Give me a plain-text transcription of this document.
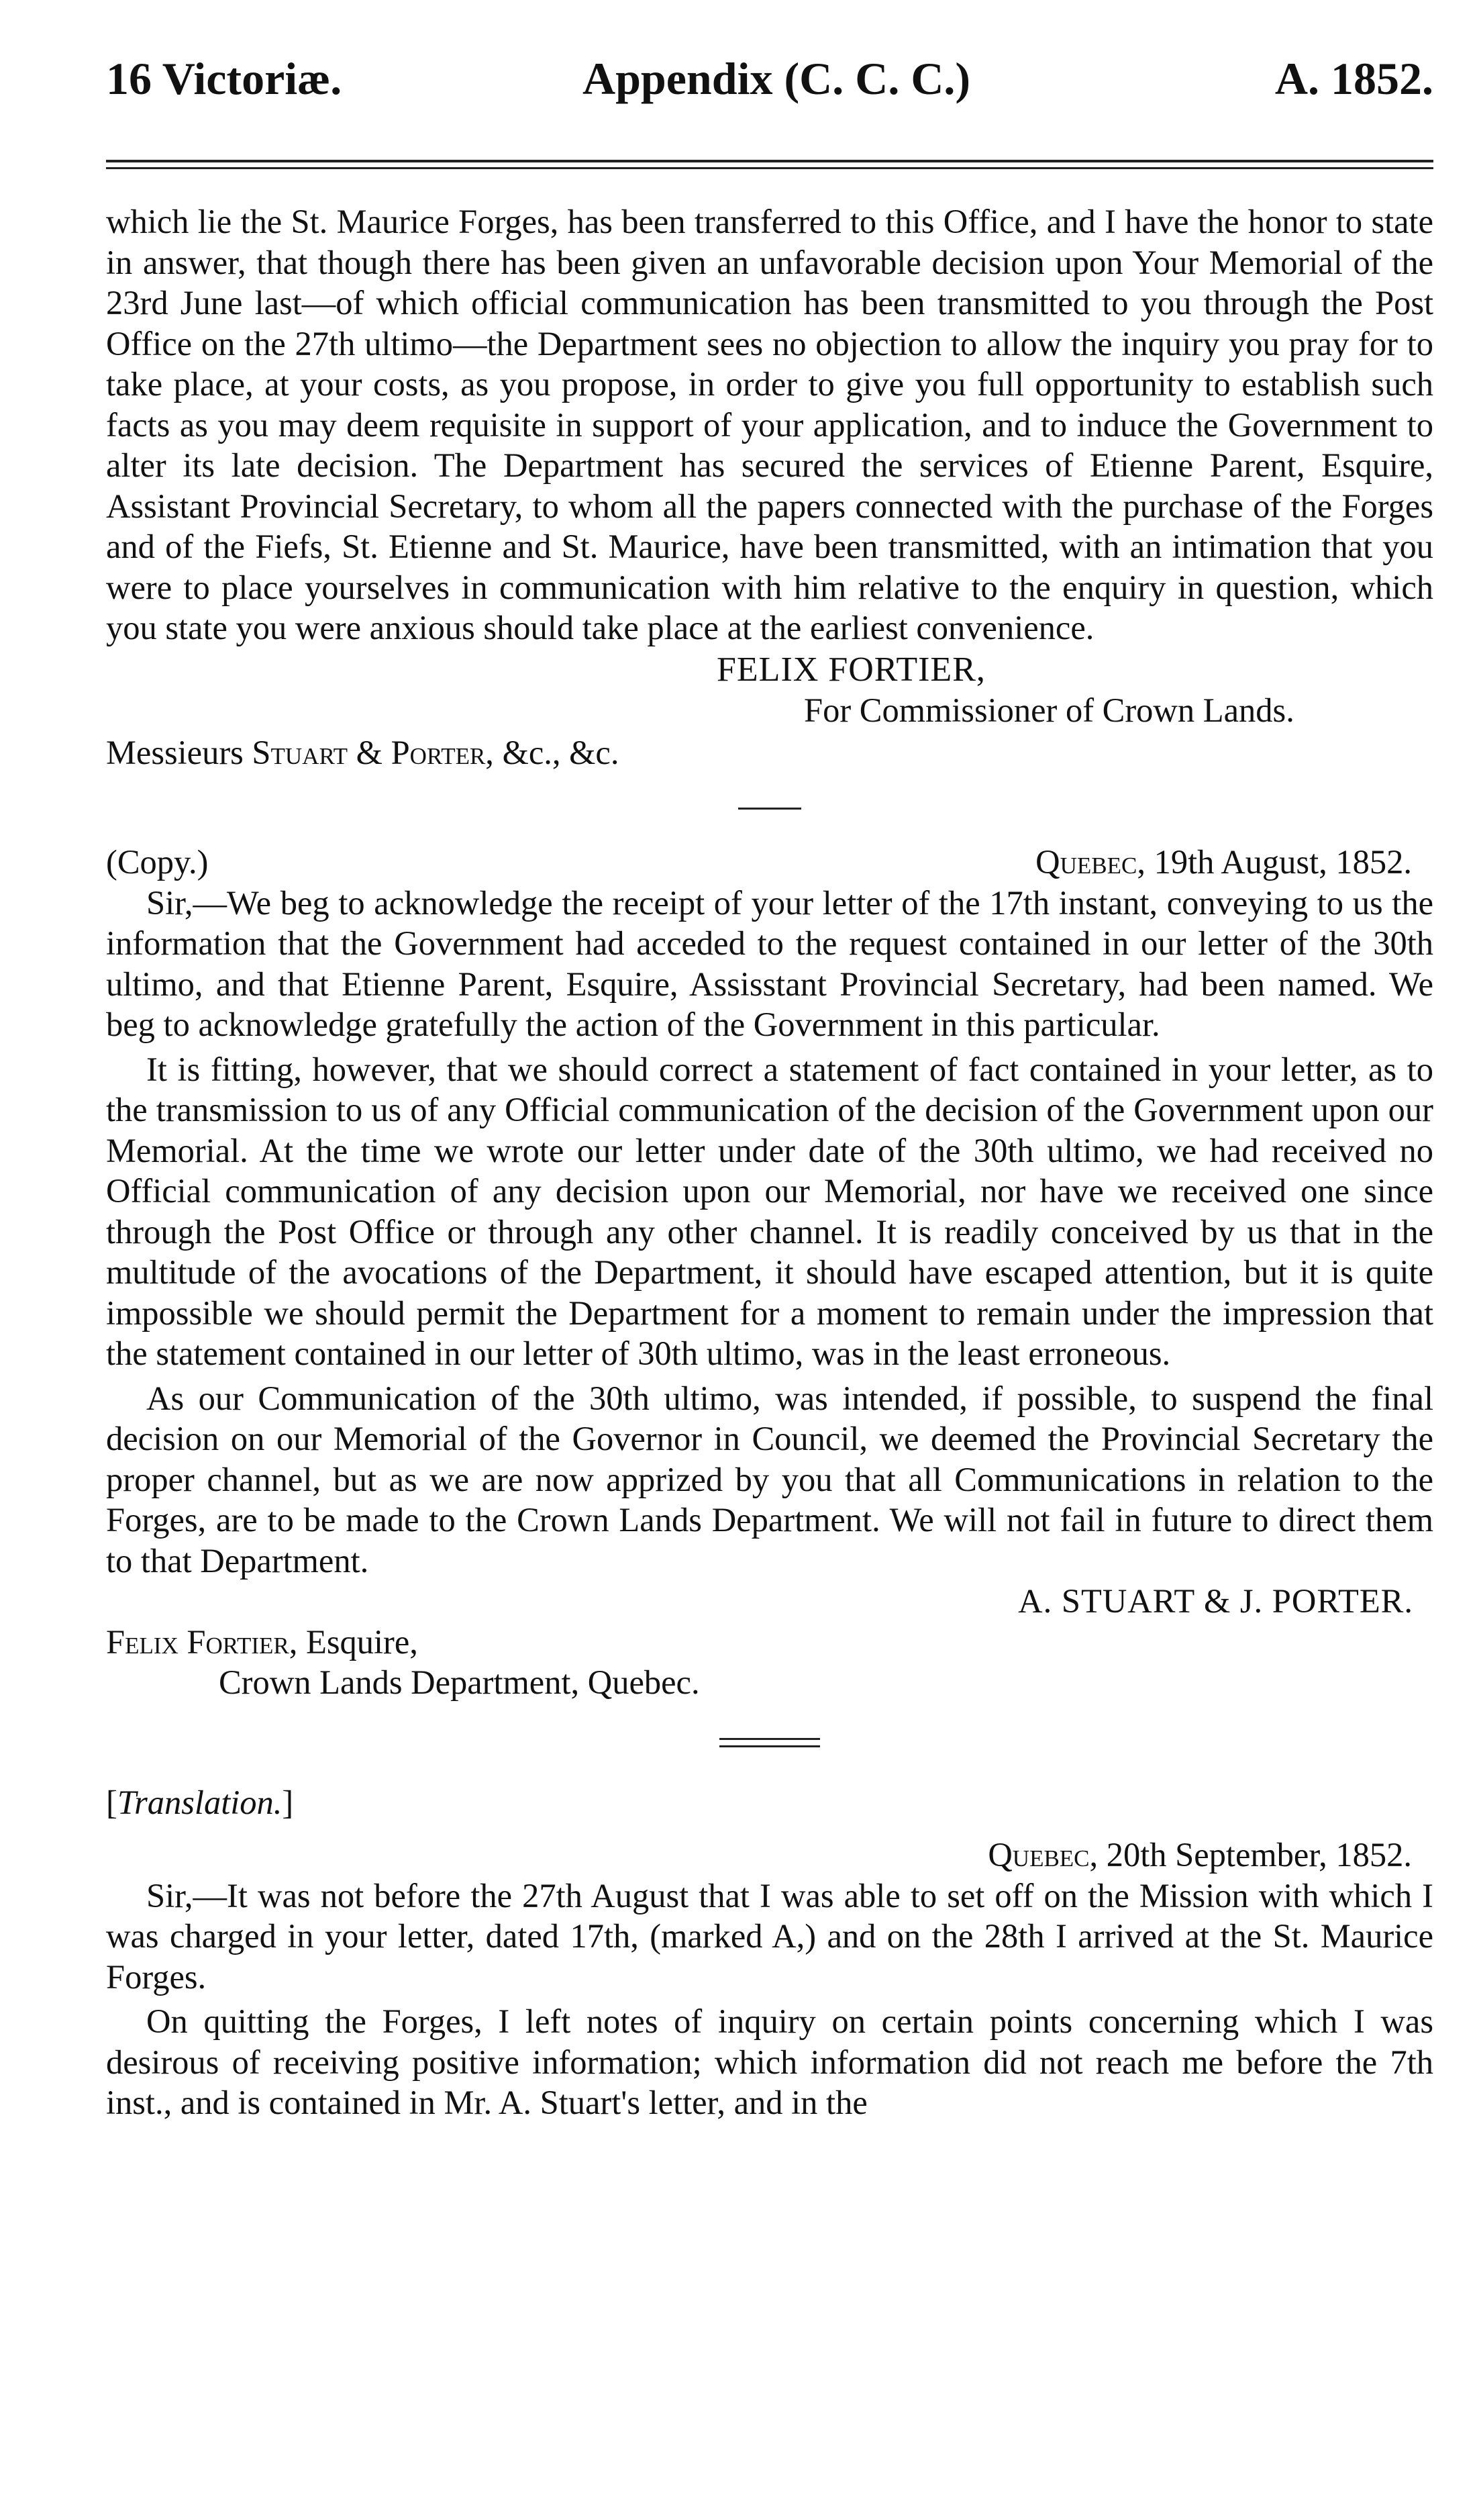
16 Victoriæ.	Appendix (C. C. C.)	A. 1852.

which lie the St. Maurice Forges, has been transferred to this Office, and I have the honor to state in answer, that though there has been given an unfavorable decision upon Your Memorial of the 23rd June last—of which official communication has been transmitted to you through the Post Office on the 27th ultimo—the Department sees no objection to allow the inquiry you pray for to take place, at your costs, as you propose, in order to give you full opportunity to establish such facts as you may deem requisite in support of your application, and to induce the Government to alter its late decision. The Department has secured the services of Etienne Parent, Esquire, Assistant Provincial Secretary, to whom all the papers connected with the purchase of the Forges and of the Fiefs, St. Etienne and St. Maurice, have been transmitted, with an intimation that you were to place yourselves in communication with him relative to the enquiry in question, which you state you were anxious should take place at the earliest convenience.

FELIX FORTIER,
For Commissioner of Crown Lands.
Messieurs Stuart & Porter, &c., &c.
(Copy.)	Quebec, 19th August, 1852.

Sir,—We beg to acknowledge the receipt of your letter of the 17th instant, conveying to us the information that the Government had acceded to the request contained in our letter of the 30th ultimo, and that Etienne Parent, Esquire, Assisstant Provincial Secretary, had been named. We beg to acknowledge gratefully the action of the Government in this particular.

It is fitting, however, that we should correct a statement of fact contained in your letter, as to the transmission to us of any Official communication of the decision of the Government upon our Memorial. At the time we wrote our letter under date of the 30th ultimo, we had received no Official communication of any decision upon our Memorial, nor have we received one since through the Post Office or through any other channel. It is readily conceived by us that in the multitude of the avocations of the Department, it should have escaped attention, but it is quite impossible we should permit the Department for a moment to remain under the impression that the statement contained in our letter of 30th ultimo, was in the least erroneous.

As our Communication of the 30th ultimo, was intended, if possible, to suspend the final decision on our Memorial of the Governor in Council, we deemed the Provincial Secretary the proper channel, but as we are now apprized by you that all Communications in relation to the Forges, are to be made to the Crown Lands Department. We will not fail in future to direct them to that Department.

A. STUART & J. PORTER.
Felix Fortier, Esquire,
Crown Lands Department, Quebec.
[Translation.]
Quebec, 20th September, 1852.

Sir,—It was not before the 27th August that I was able to set off on the Mission with which I was charged in your letter, dated 17th, (marked A,) and on the 28th I arrived at the St. Maurice Forges.

On quitting the Forges, I left notes of inquiry on certain points concerning which I was desirous of receiving positive information; which information did not reach me before the 7th inst., and is contained in Mr. A. Stuart's letter, and in the
